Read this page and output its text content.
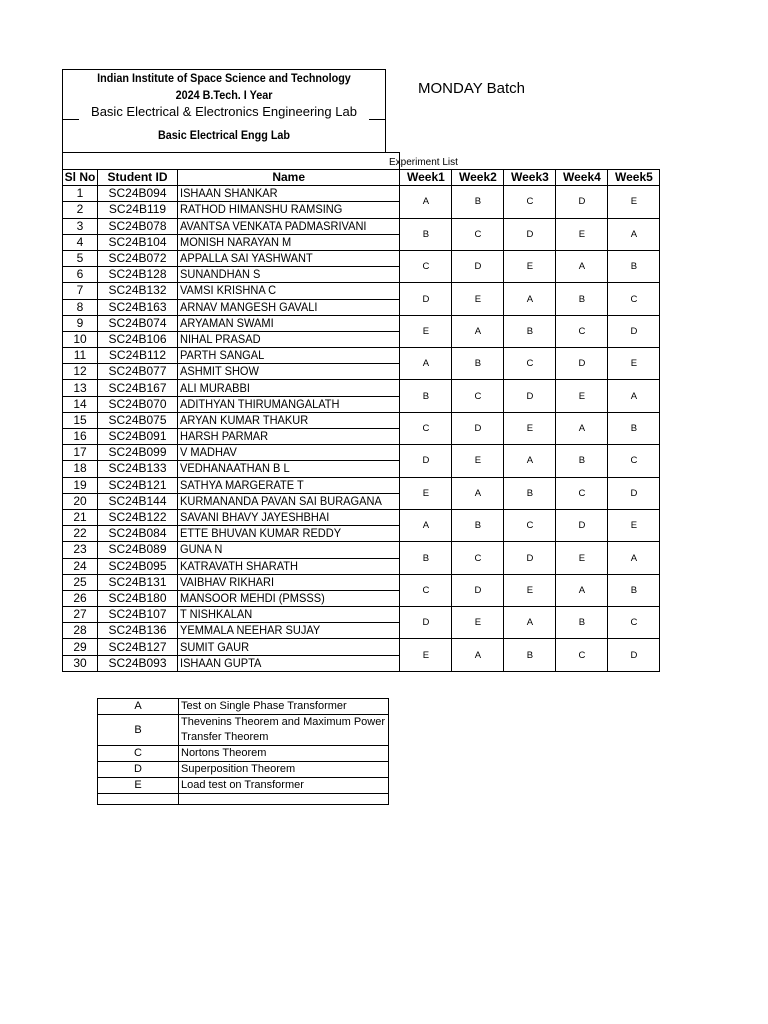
Indian Institute of Space Science and Technology
2024 B.Tech. I Year
Basic Electrical & Electronics Engineering Lab
Basic Electrical Engg Lab
MONDAY Batch
Experiment List

Sl No	Student ID	Name	Week1	Week2	Week3	Week4	Week5
1	SC24B094	ISHAAN SHANKAR	A	B	C	D	E
2	SC24B119	RATHOD HIMANSHU RAMSING					
3	SC24B078	AVANTSA VENKATA PADMASRIVANI	B	C	D	E	A
4	SC24B104	MONISH NARAYAN M					
5	SC24B072	APPALLA SAI YASHWANT	C	D	E	A	B
6	SC24B128	SUNANDHAN S					
7	SC24B132	VAMSI KRISHNA C	D	E	A	B	C
8	SC24B163	ARNAV MANGESH GAVALI					
9	SC24B074	ARYAMAN SWAMI	E	A	B	C	D
10	SC24B106	NIHAL PRASAD					
11	SC24B112	PARTH SANGAL	A	B	C	D	E
12	SC24B077	ASHMIT SHOW					
13	SC24B167	ALI MURABBI	B	C	D	E	A
14	SC24B070	ADITHYAN THIRUMANGALATH					
15	SC24B075	ARYAN KUMAR THAKUR	C	D	E	A	B
16	SC24B091	HARSH PARMAR					
17	SC24B099	V MADHAV	D	E	A	B	C
18	SC24B133	VEDHANAATHAN B L					
19	SC24B121	SATHYA MARGERATE T	E	A	B	C	D
20	SC24B144	KURMANANDA PAVAN SAI BURAGANA					
21	SC24B122	SAVANI BHAVY JAYESHBHAI	A	B	C	D	E
22	SC24B084	ETTE BHUVAN KUMAR REDDY					
23	SC24B089	GUNA N	B	C	D	E	A
24	SC24B095	KATRAVATH SHARATH					
25	SC24B131	VAIBHAV RIKHARI	C	D	E	A	B
26	SC24B180	MANSOOR MEHDI (PMSSS)					
27	SC24B107	T NISHKALAN	D	E	A	B	C
28	SC24B136	YEMMALA NEEHAR SUJAY					
29	SC24B127	SUMIT GAUR	E	A	B	C	D
30	SC24B093	ISHAAN GUPTA					
A	Test on Single Phase Transformer
B	Thevenins Theorem and Maximum Power Transfer Theorem
C	Nortons Theorem
D	Superposition Theorem
E	Load test on Transformer
